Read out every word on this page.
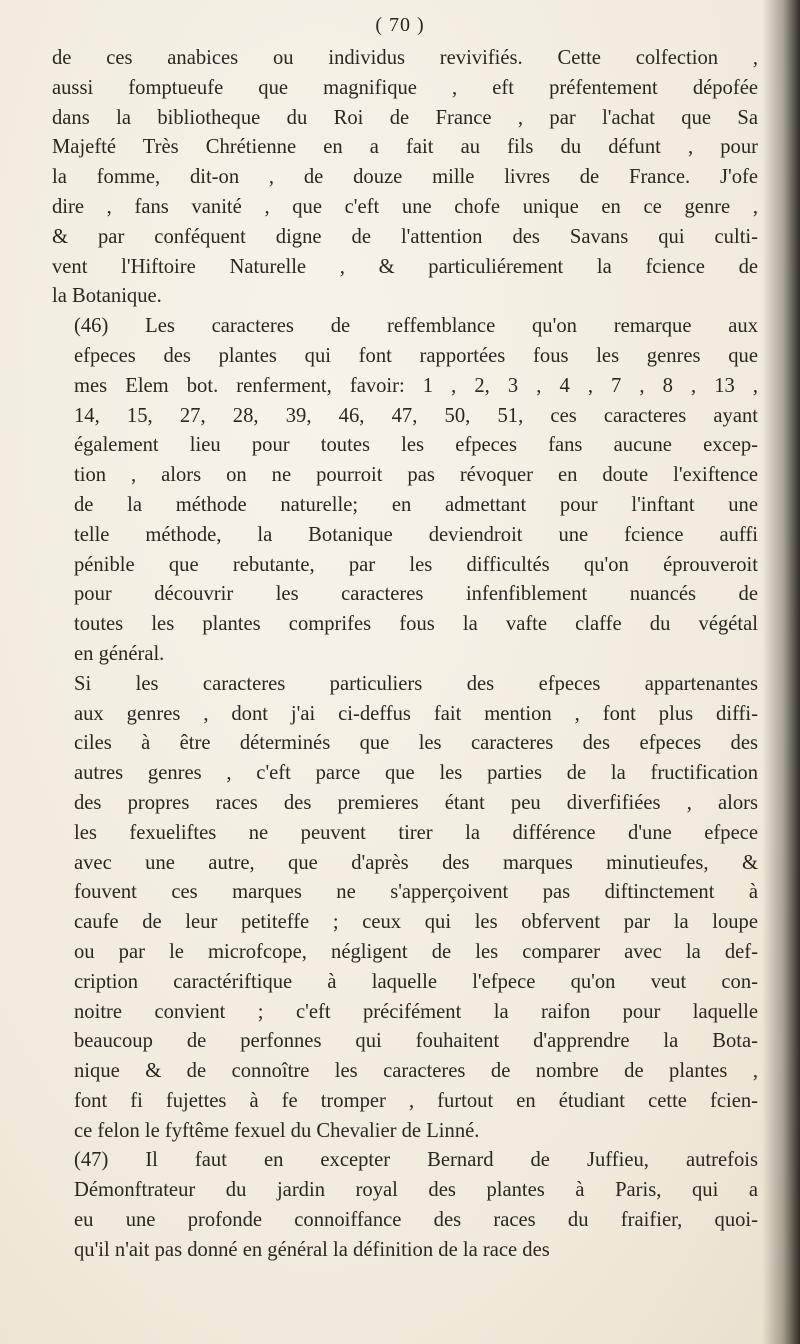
( 70 )
de ces anabices ou individus revivifiés. Cette colfection ,
aussi fomptueufe que magnifique , eft préfentement dépofée
dans la bibliotheque du Roi de France , par l'achat que Sa
Majefté Très Chrétienne en a fait au fils du défunt , pour
la fomme, dit-on , de douze mille livres de France. J'ofe
dire , fans vanité , que c'eft une chofe unique en ce genre ,
& par conféquent digne de l'attention des Savans qui culti-
vent l'Hiftoire Naturelle , & particuliérement la fcience de
la Botanique.
(46) Les caracteres de reffemblance qu'on remarque aux
efpeces des plantes qui font rapportées fous les genres que
mes Elem bot. renferment, favoir: 1 , 2, 3 , 4 , 7 , 8 , 13 ,
14, 15, 27, 28, 39, 46, 47, 50, 51, ces caracteres ayant
également lieu pour toutes les efpeces fans aucune excep-
tion , alors on ne pourroit pas révoquer en doute l'exiftence
de la méthode naturelle; en admettant pour l'inftant une
telle méthode, la Botanique deviendroit une fcience auffi
pénible que rebutante, par les difficultés qu'on éprouveroit
pour découvrir les caracteres infenfiblement nuancés de
toutes les plantes comprifes fous la vafte claffe du végétal
en général.
Si les caracteres particuliers des efpeces appartenantes
aux genres , dont j'ai ci-deffus fait mention , font plus diffi-
ciles à être déterminés que les caracteres des efpeces des
autres genres , c'eft parce que les parties de la fructification
des propres races des premieres étant peu diverfifiées , alors
les fexueliftes ne peuvent tirer la différence d'une efpece
avec une autre, que d'après des marques minutieufes, &
fouvent ces marques ne s'apperçoivent pas diftinctement à
caufe de leur petiteffe ; ceux qui les obfervent par la loupe
ou par le microfcope, négligent de les comparer avec la def-
cription caractériftique à laquelle l'efpece qu'on veut con-
noitre convient ; c'eft précifément la raifon pour laquelle
beaucoup de perfonnes qui fouhaitent d'apprendre la Bota-
nique & de connoître les caracteres de nombre de plantes ,
font fi fujettes à fe tromper , furtout en étudiant cette fcien-
ce felon le fyftême fexuel du Chevalier de Linné.
(47) Il faut en excepter Bernard de Juffieu, autrefois
Démonftrateur du jardin royal des plantes à Paris, qui a
eu une profonde connoiffance des races du fraifier, quoi-
qu'il n'ait pas donné en général la définition de la race des
